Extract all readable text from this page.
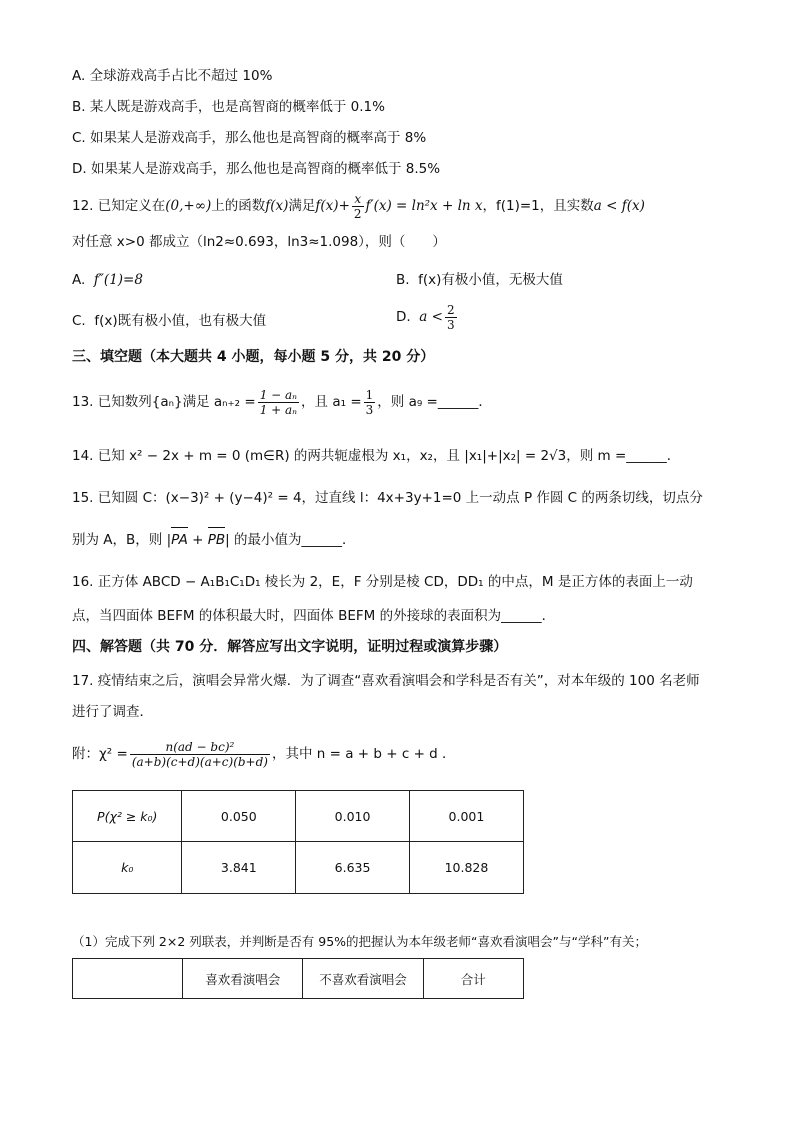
A. 全球游戏高手占比不超过 10%
B. 某人既是游戏高手，也是高智商的概率低于 0.1%
C. 如果某人是游戏高手，那么他也是高智商的概率高于 8%
D. 如果某人是游戏高手，那么他也是高智商的概率低于 8.5%
12. 已知定义在(0,+∞)上的函数f(x)满足$f(x)+ \frac{x}{2} f'(x) = \ln^2x + \ln x$，f(1)=1，且实数a < f(x)
对任意 x>0 都成立（ln2≈0.693，ln3≈1.098），则（　　）
A. f″(1)=8	B. f(x)有极小值，无极大值
C. f(x)既有极小值，也有极大值	D. $a < \frac{2}{3}$
三、填空题（本大题共 4 小题，每小题 5 分，共 20 分）
13. 已知数列{aₙ}满足 $a_{n+2} = \frac{\text{1 − aₙ}}{\text{1 + aₙ}}$ ，且 $a_1 = \frac{1}{3}$ ，则 a₉ =______．
14. 已知 x² − 2x + m = 0 (m∈R) 的两共轭虚根为 x₁，x₂，且 |x₁|+|x₂| = 2√3，则 m =______．
15. 已知圆 C：(x−3)² + (y−4)² = 4，过直线 l：4x+3y+1=0 上一动点 P 作圆 C 的两条切线，切点分
别为 A，B，则 |PA + PB| 的最小值为______．
16. 正方体 ABCD − A₁B₁C₁D₁ 棱长为 2，E，F 分别是棱 CD，DD₁ 的中点，M 是正方体的表面上一动
点，当四面体 BEFM 的体积最大时，四面体 BEFM 的外接球的表面积为______．
四、解答题（共 70 分．解答应写出文字说明，证明过程或演算步骤）
17. 疫情结束之后，演唱会异常火爆．为了调查“喜欢看演唱会和学科是否有关”，对本年级的 100 名老师
进行了调查．
附：$\chi^2 = \frac{\text{n(ad − bc)²}}{(a+b)(c+d)(a+c)(b+d)}$ ，其中 n = a + b + c + d ．
P(χ² ≥ k₀)	0.050	0.010	0.001
k₀	3.841	6.635	10.828
（1）完成下列 2×2 列联表，并判断是否有 95%的把握认为本年级老师“喜欢看演唱会”与“学科”有关；
	喜欢看演唱会	不喜欢看演唱会	合计
